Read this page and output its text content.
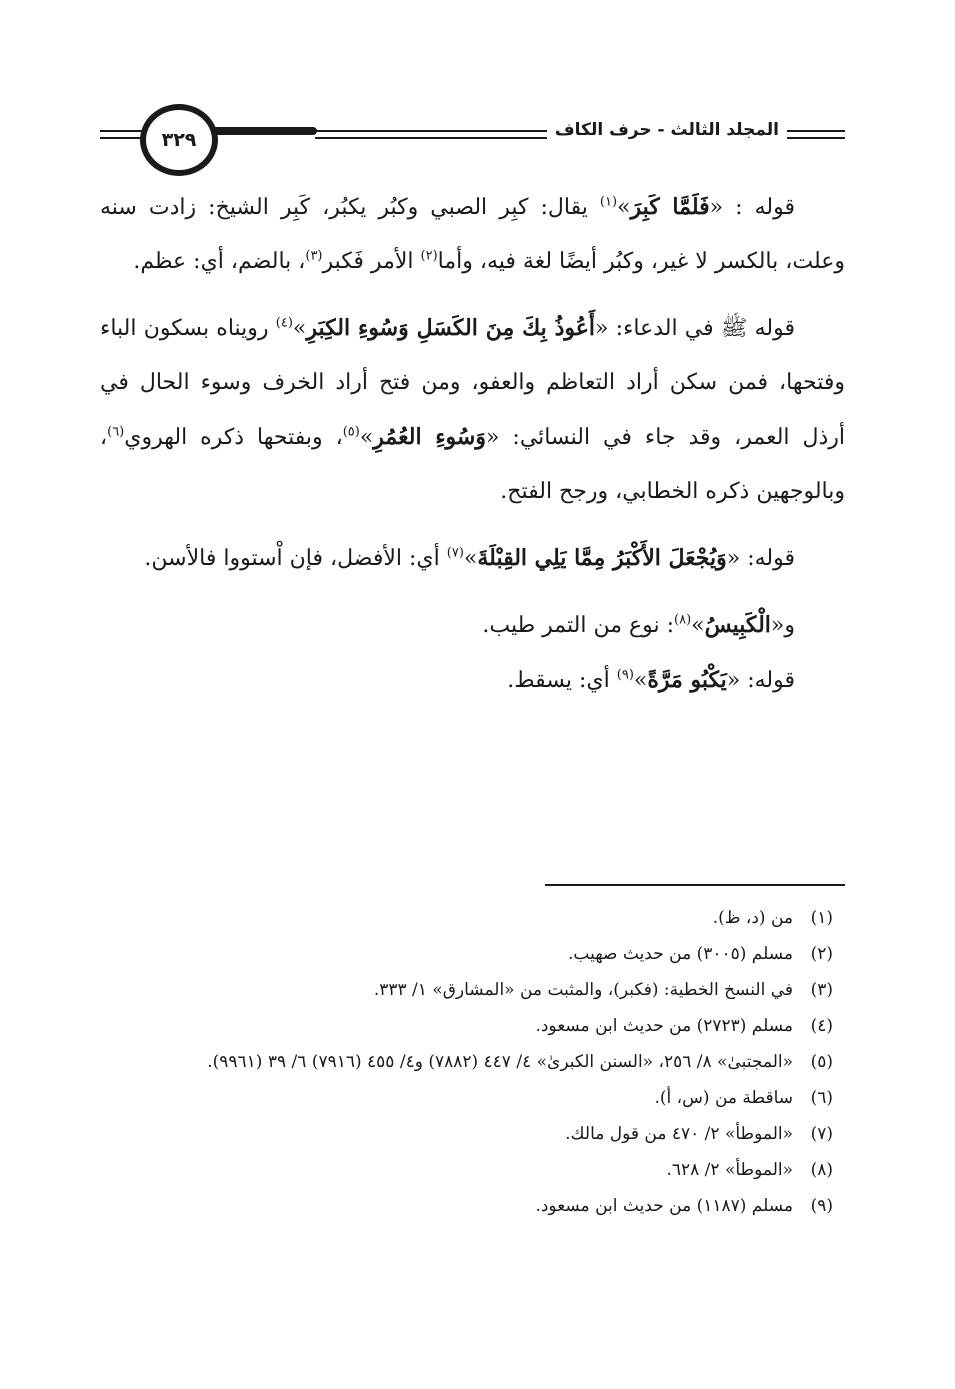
٣٢٩	المجلد الثالث - حرف الكاف

قوله : «فَلَمَّا كَبِرَ»$^{(١)}$ يقال: كبِر الصبي وكبُر يكبُر، كَبِر الشيخ: زادت سنه وعلت، بالكسر لا غير، وكبُر أيضًا لغة فيه، وأما$^{(٢)}$ الأمر فَكبر$^{(٣)}$، بالضم، أي: عظم.

قوله ﷺ في الدعاء: «أَعُوذُ بِكَ مِنَ الكَسَلِ وَسُوءِ الكِبَرِ»$^{(٤)}$ رويناه بسكون الباء وفتحها، فمن سكن أراد التعاظم والعفو، ومن فتح أراد الخرف وسوء الحال في أرذل العمر، وقد جاء في النسائي: «وَسُوءِ العُمُرِ»$^{(٥)}$، وبفتحها ذكره الهروي$^{(٦)}$، وبالوجهين ذكره الخطابي، ورجح الفتح.

قوله: «وَيُجْعَلَ الأَكْبَرُ مِمَّا يَلِي القِبْلَةَ»$^{(٧)}$ أي: الأفضل، فإن اْستووا فالأسن.

و«الْكَبِيسُ»$^{(٨)}$: نوع من التمر طيب.

قوله: «يَكْبُو مَرَّةً»$^{(٩)}$ أي: يسقط.

(١)
من (د، ظ).
(٢)
مسلم (٣٠٠٥) من حديث صهيب.
(٣)
في النسخ الخطية: (فكبر)، والمثبت من «المشارق» ١/ ٣٣٣.
(٤)
مسلم (٢٧٢٣) من حديث ابن مسعود.
(٥)
«المجتبىٰ» ٨/ ٢٥٦، «السنن الكبرىٰ» ٤/ ٤٤٧ (٧٨٨٢) و٤/ ٤٥٥ (٧٩١٦) ٦/ ٣٩ (٩٩٦١).
(٦)
ساقطة من (س، أ).
(٧)
«الموطأ» ٢/ ٤٧٠ من قول مالك.
(٨)
«الموطأ» ٢/ ٦٢٨.
(٩)
مسلم (١١٨٧) من حديث ابن مسعود.
